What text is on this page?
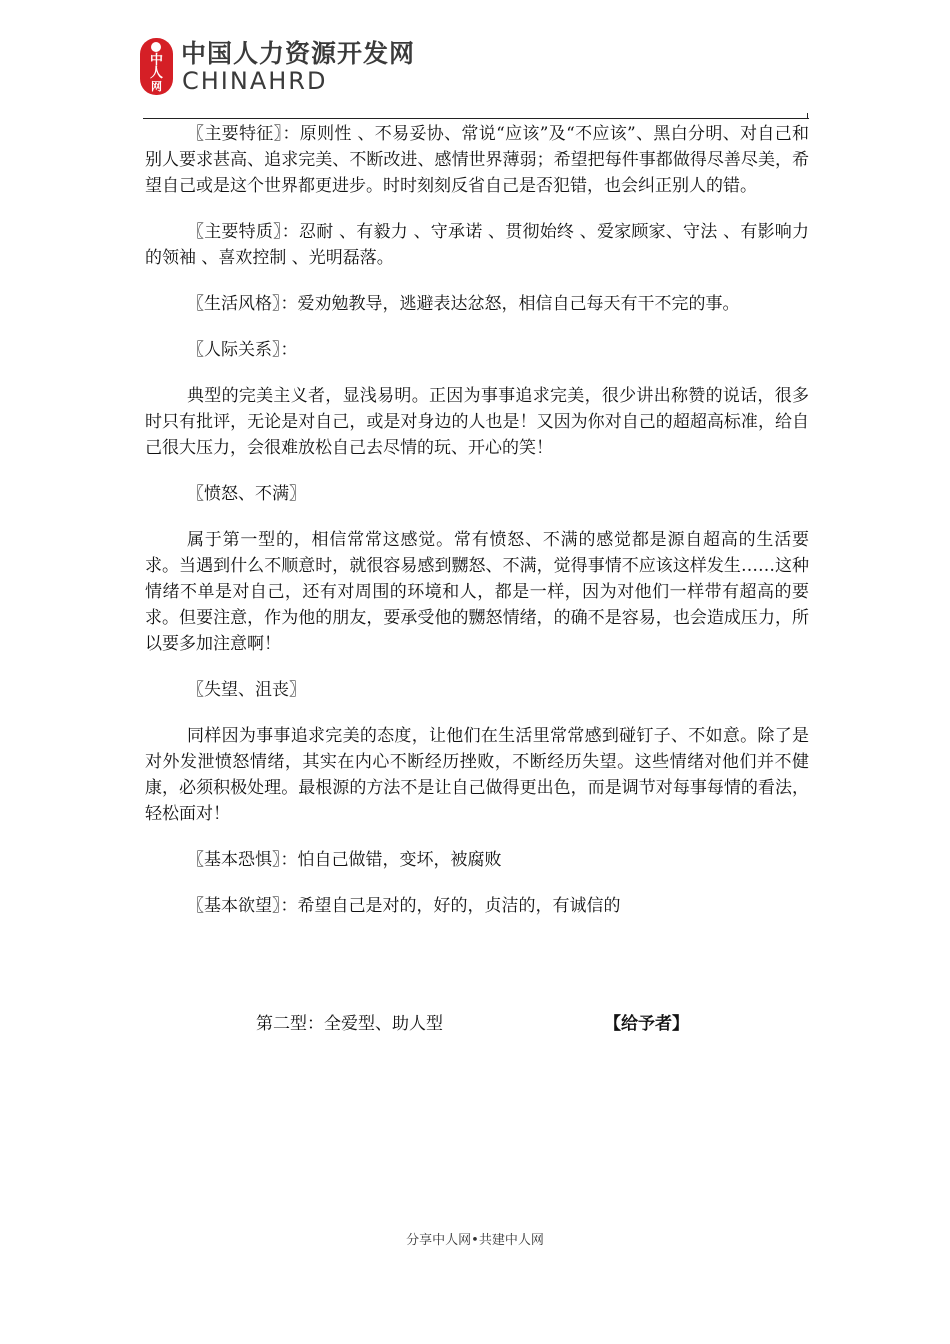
中
人
网
中国人力资源开发网
CHINAHRD

〖主要特征〗：原则性 、不易妥协、常说“应该”及“不应该”、黑白分明、对自己和别人要求甚高、追求完美、不断改进、感情世界薄弱；希望把每件事都做得尽善尽美，希望自己或是这个世界都更进步。时时刻刻反省自己是否犯错，也会纠正别人的错。

〖主要特质〗：忍耐 、有毅力 、守承诺 、贯彻始终 、爱家顾家、守法 、有影响力的领袖 、喜欢控制 、光明磊落。

〖生活风格〗：爱劝勉教导，逃避表达忿怒，相信自己每天有干不完的事。

〖人际关系〗：

典型的完美主义者，显浅易明。正因为事事追求完美，很少讲出称赞的说话，很多时只有批评，无论是对自己，或是对身边的人也是！又因为你对自己的超超高标准，给自己很大压力，会很难放松自己去尽情的玩、开心的笑！

〖愤怒、不满〗

属于第一型的，相信常常这感觉。常有愤怒、不满的感觉都是源自超高的生活要求。当遇到什么不顺意时，就很容易感到嬲怒、不满，觉得事情不应该这样发生……这种情绪不单是对自己，还有对周围的环境和人，都是一样，因为对他们一样带有超高的要求。但要注意，作为他的朋友，要承受他的嬲怒情绪，的确不是容易，也会造成压力，所以要多加注意啊！

〖失望、沮丧〗

同样因为事事追求完美的态度，让他们在生活里常常感到碰钉子、不如意。除了是对外发泄愤怒情绪，其实在内心不断经历挫败，不断经历失望。这些情绪对他们并不健康，必须积极处理。最根源的方法不是让自己做得更出色，而是调节对每事每情的看法，轻松面对！

〖基本恐惧〗：怕自己做错，变坏，被腐败

〖基本欲望〗：希望自己是对的，好的，贞洁的，有诚信的

第二型：全爱型、助人型	【给予者】
分享中人网•共建中人网
